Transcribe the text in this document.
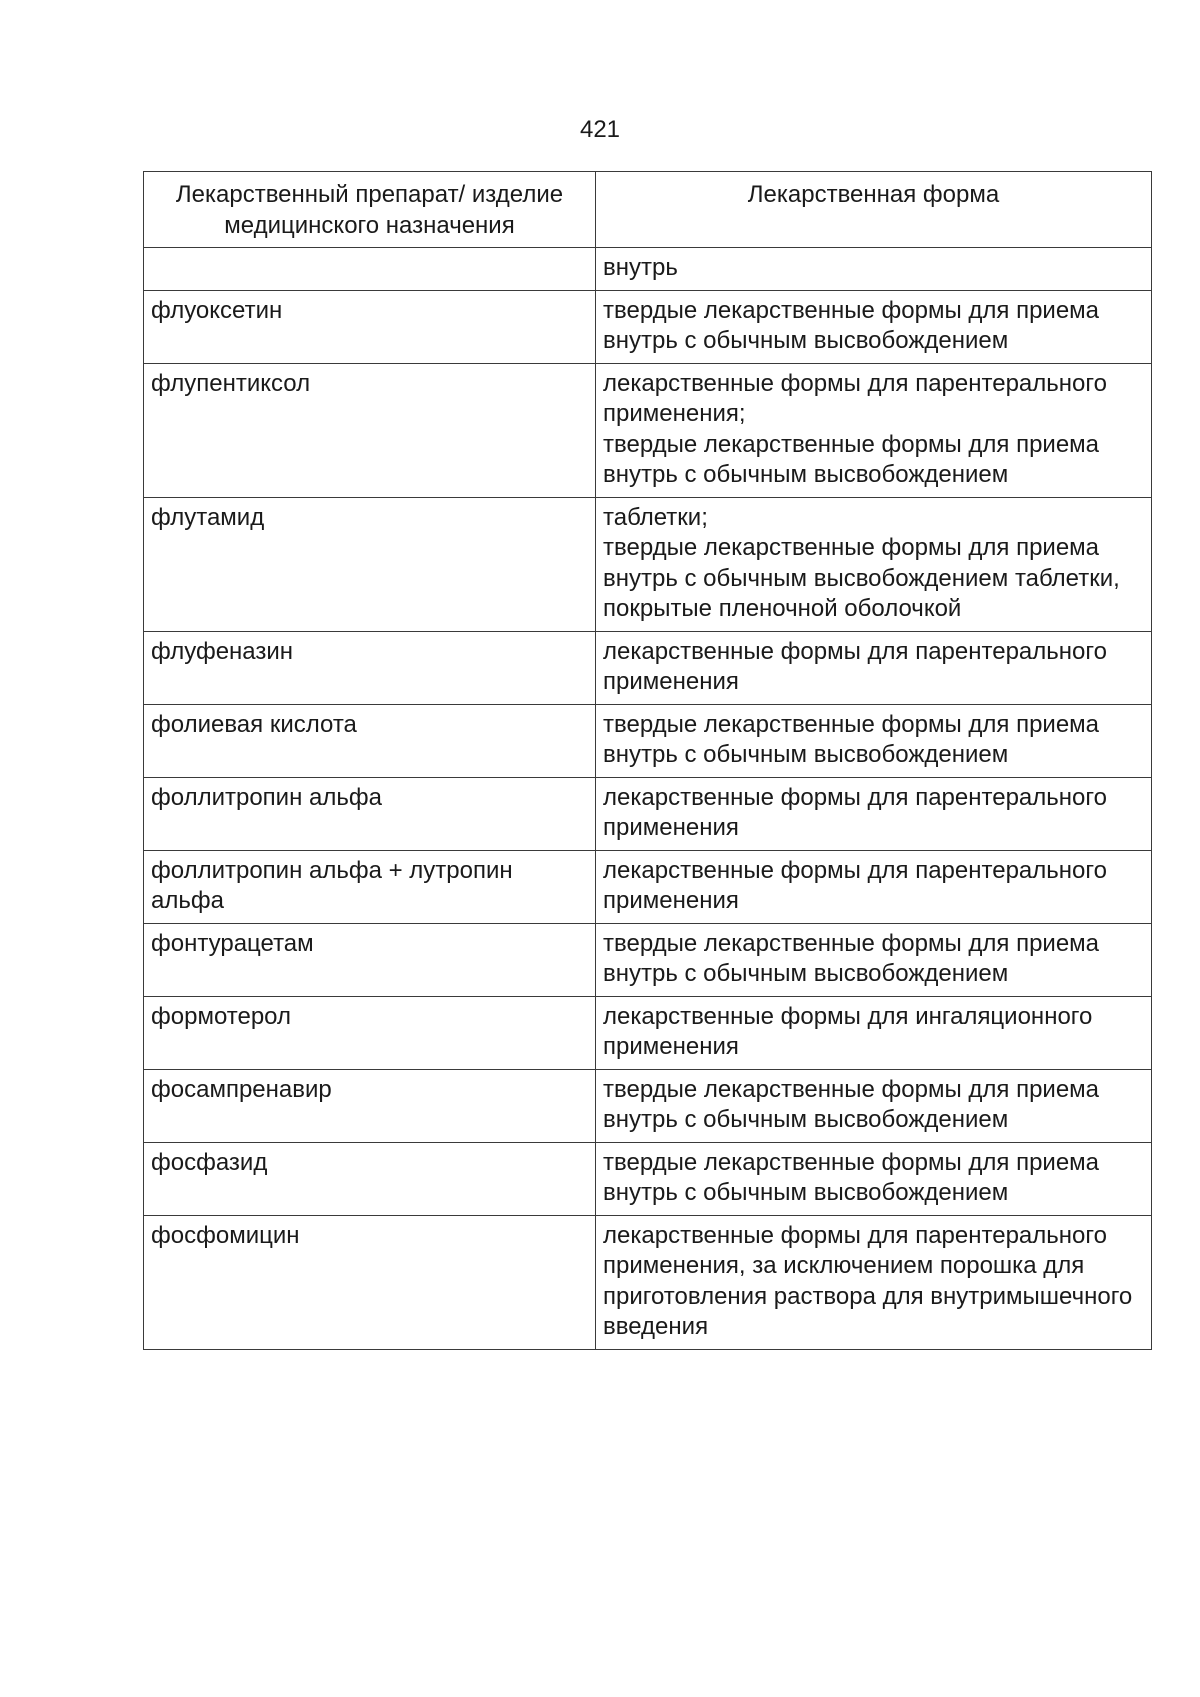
421
Лекарственный препарат/ изделие медицинского назначения	Лекарственная форма

	внутрь

флуоксетин	твердые лекарственные формы для приема внутрь с обычным высвобождением

флупентиксол	лекарственные формы для парентерального применения;
твердые лекарственные формы для приема внутрь с обычным высвобождением

флутамид	таблетки;
твердые лекарственные формы для приема внутрь с обычным высвобождением таблетки, покрытые пленочной оболочкой

флуфеназин	лекарственные формы для парентерального применения

фолиевая кислота	твердые лекарственные формы для приема внутрь с обычным высвобождением

фоллитропин альфа	лекарственные формы для парентерального применения

фоллитропин альфа + лутропин альфа	лекарственные формы для парентерального применения

фонтурацетам	твердые лекарственные формы для приема внутрь с обычным высвобождением

формотерол	лекарственные формы для ингаляционного применения

фосампренавир	твердые лекарственные формы для приема внутрь с обычным высвобождением

фосфазид	твердые лекарственные формы для приема внутрь с обычным высвобождением

фосфомицин	лекарственные формы для парентерального применения, за исключением порошка для приготовления раствора для внутримышечного введения
